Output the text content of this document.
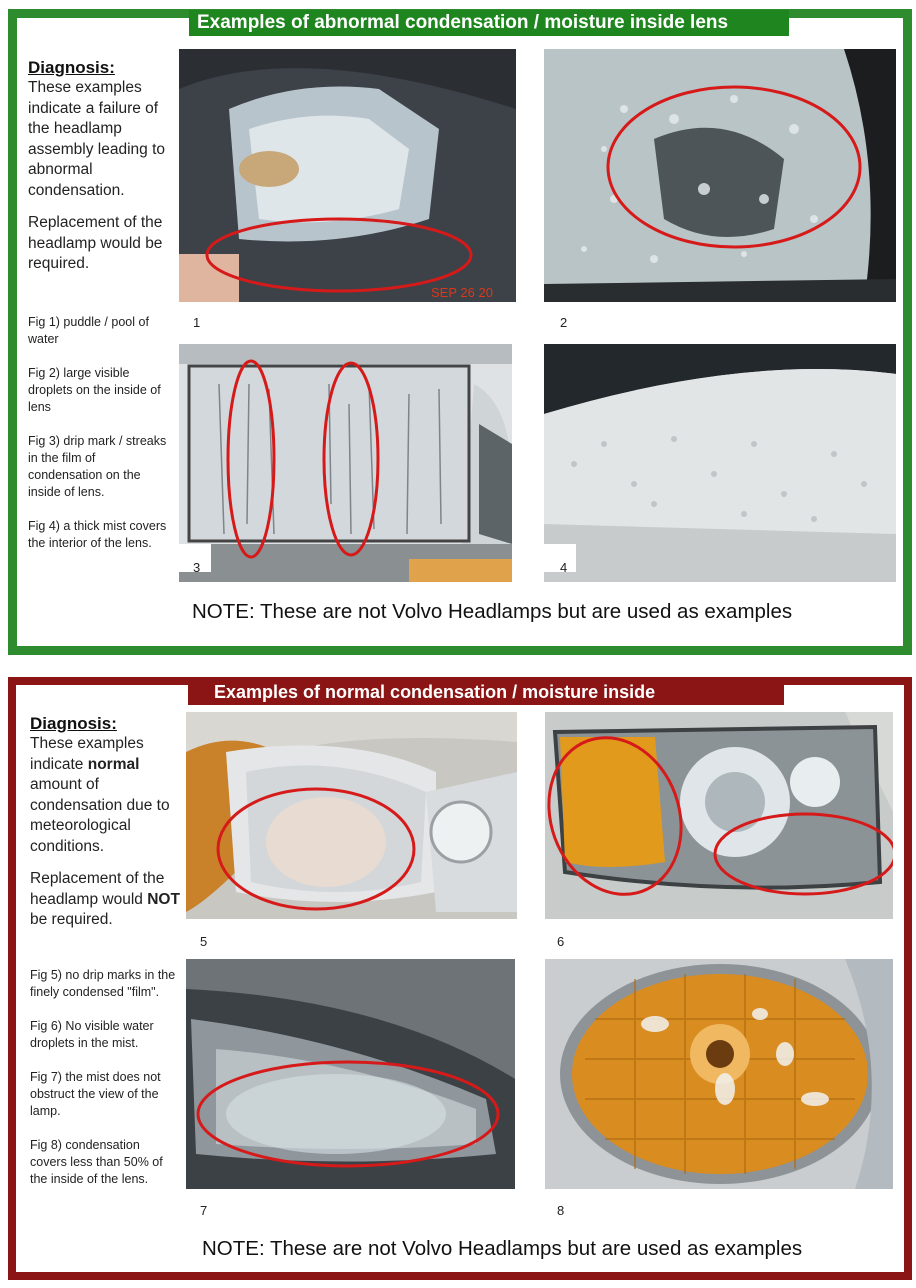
Examples of abnormal condensation / moisture inside lens
Diagnosis:
These examples indicate a failure of the headlamp assembly leading to abnormal condensation.
Replacement of the headlamp would be required.
Fig 1) puddle / pool of water
Fig 2) large visible droplets on the inside of lens
Fig 3) drip mark / streaks in the film of condensation on the inside of lens.
Fig 4) a thick mist covers the interior of the lens.
SEP 26 20
1	2
3	4
NOTE: These are not Volvo Headlamps but are used as examples
Examples of normal condensation / moisture inside
Diagnosis:
These examples indicate normal amount of condensation due to meteorological conditions.
Replacement of the headlamp would NOT be required.
Fig 5) no drip marks in the finely condensed "film".
Fig 6) No visible water droplets in the mist.
Fig 7) the mist does not obstruct the view of the lamp.
Fig 8) condensation covers less than 50% of the inside of the lens.
5	6
7	8
NOTE: These are not Volvo Headlamps but are used as examples
